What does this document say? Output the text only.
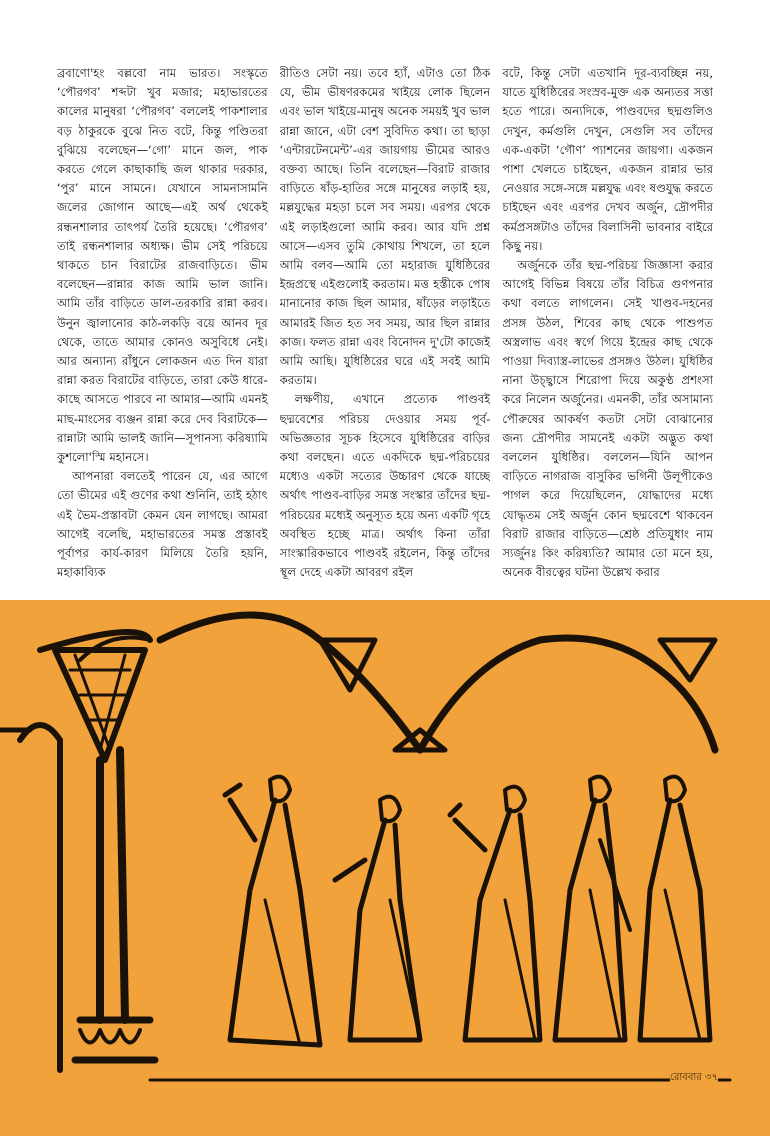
ব্রবাণো'হং বল্লবো নাম ভারত। সংস্কৃতে ‘পৌরগব’ শব্দটা খুব মজার; মহাভারতের কালের মানুষরা ‘পৌরগব’ বললেই পাকশালার বড় ঠাকুরকে বুঝে নিত বটে, কিন্তু পণ্ডিতরা বুঝিয়ে বলেছেন—‘গো’ মানে জল, পাক করতে গেলে কাছাকাছি জল থাকার দরকার, ‘পুর’ মানে সামনে। যেখানে সামনাসামনি জলের জোগান আছে—এই অর্থ থেকেই রন্ধনশালার তাৎপর্য তৈরি হয়েছে। ‘পৌরগব’ তাই রন্ধনশালার অধ্যক্ষ। ভীম সেই পরিচয়ে থাকতে চান বিরাটের রাজবাড়িতে। ভীম বলেছেন—রান্নার কাজ আমি ভাল জানি। আমি তাঁর বাড়িতে ডাল-তরকারি রান্না করব। উনুন জ্বালানোর কাঠ-লকড়ি বয়ে আনব দূর থেকে, তাতে আমার কোনও অসুবিধে নেই। আর অন্যান্য রাঁধুনে লোকজন এত দিন যারা রান্না করত বিরাটের বাড়িতে, তারা কেউ ধারে-কাছে আসতে পারবে না আমার—আমি এমনই মাছ-মাংসের ব্যঞ্জন রান্না করে দেব বিরাটকে—রান্নাটা আমি ভালই জানি—সূপানস্য করিষ্যামি কুশলো'স্মি মহানসে।

আপনারা বলতেই পারেন যে, এর আগে তো ভীমের এই গুণের কথা শুনিনি, তাই হঠাৎ এই ভৈম-প্রস্তাবটা কেমন যেন লাগছে। আমরা আগেই বলেছি, মহাভারতের সমস্ত প্রস্তাবই পূর্বাপর কার্য-কারণ মিলিয়ে তৈরি হয়নি, মহাকাব্যিক

রীতিও সেটা নয়। তবে হ্যাঁ, এটাও তো ঠিক যে, ভীম ভীষণরকমের খাইয়ে লোক ছিলেন এবং ভাল খাইয়ে-মানুষ অনেক সময়ই খুব ভাল রান্না জানে, এটা বেশ সুবিদিত কথা। তা ছাড়া ‘এন্টারটেনমেন্ট’-এর জায়গায় ভীমের আরও বক্তব্য আছে। তিনি বলেছেন—বিরাট রাজার বাড়িতে ষাঁড়-হাতির সঙ্গে মানুষের লড়াই হয়, মল্লযুদ্ধের মহড়া চলে সব সময়। এরপর থেকে এই লড়াইগুলো আমি করব। আর যদি প্রশ্ন আসে—এসব তুমি কোথায় শিখলে, তা হলে আমি বলব—আমি তো মহারাজ যুধিষ্ঠিরের ইন্দ্রপ্রস্থে এইগুলোই করতাম। মত্ত হস্তীকে পোষ মানানোর কাজ ছিল আমার, ষাঁড়ের লড়াইতে আমারই জিত হত সব সময়, আর ছিল রান্নার কাজ। ফলত রান্না এবং বিনোদন দু'টো কাজেই আমি আছি। যুধিষ্ঠিরের ঘরে এই সবই আমি করতাম।

লক্ষণীয়, এখানে প্রত্যেক পাণ্ডবই ছদ্মবেশের পরিচয় দেওয়ার সময় পূর্ব-অভিজ্ঞতার সূচক হিসেবে যুধিষ্ঠিরের বাড়ির কথা বলছেন। এতে একদিকে ছদ্ম-পরিচয়ের মধ্যেও একটা সত্যের উচ্চারণ থেকে যাচ্ছে অর্থাৎ পাণ্ডব-বাড়ির সমস্ত সংস্কার তাঁদের ছদ্ম-পরিচয়ের মধ্যেই অনুস্যূত হয়ে অন্য একটি গৃহে অবস্থিত হচ্ছে মাত্র। অর্থাৎ কিনা তাঁরা সাংস্কারিকভাবে পাণ্ডবই রইলেন, কিন্তু তাঁদের স্থূল দেহে একটা আবরণ রইল

বটে, কিন্তু সেটা এতখানি দূর-ব্যবচ্ছিন্ন নয়, যাতে যুধিষ্ঠিরের সংস্রব-মুক্ত এক অন্যতর সত্তা হতে পারে। অন্যদিকে, পাণ্ডবদের ছদ্মগুলিও দেখুন, কর্মগুলি দেখুন, সেগুলি সব তাঁদের এক-একটা ‘গৌণ’ প্যাশনের জায়গা। একজন পাশা খেলতে চাইছেন, একজন রান্নার ভার নেওয়ার সঙ্গে-সঙ্গে মল্লযুদ্ধ এবং ষণ্ডযুদ্ধ করতে চাইছেন এবং এরপর দেখব অর্জুন, দ্রৌপদীর কর্মপ্রসঙ্গটাও তাঁদের বিলাসিনী ভাবনার বাইরে কিছু নয়।

অর্জুনকে তাঁর ছদ্ম-পরিচয় জিজ্ঞাসা করার আগেই বিভিন্ন বিষয়ে তাঁর বিচিত্র গুণপনার কথা বলতে লাগলেন। সেই খাণ্ডব-দহনের প্রসঙ্গ উঠল, শিবের কাছ থেকে পাশুপত অস্ত্রলাভ এবং স্বর্গে গিয়ে ইন্দ্রের কাছ থেকে পাওয়া দিব্যাস্ত্র-লাভের প্রসঙ্গও উঠল। যুধিষ্ঠির নানা উচ্ছ্বাসে শিরোপা দিয়ে অকুণ্ঠ প্রশংসা করে নিলেন অর্জুনের। এমনকী, তাঁর অসামান্য পৌরুষের আকর্ষণ কতটা সেটা বোঝানোর জন্য দ্রৌপদীর সামনেই একটা অদ্ভুত কথা বললেন যুধিষ্ঠির। বললেন—যিনি আপন বাড়িতে নাগরাজ বাসুকির ভগিনী উলূপীকেও পাগল করে দিয়েছিলেন, যোদ্ধাদের মধ্যে যোদ্ধৃতম সেই অর্জুন কোন ছদ্মবেশে থাকবেন বিরাট রাজার বাড়িতে—শ্রেষ্ঠ প্রতিযুধাং নাম স্যর্জুনঃ কিং করিষ্যতি? আমার তো মনে হয়, অনেক বীরত্বের ঘটনা উল্লেখ করার

রোববার ৩৭
